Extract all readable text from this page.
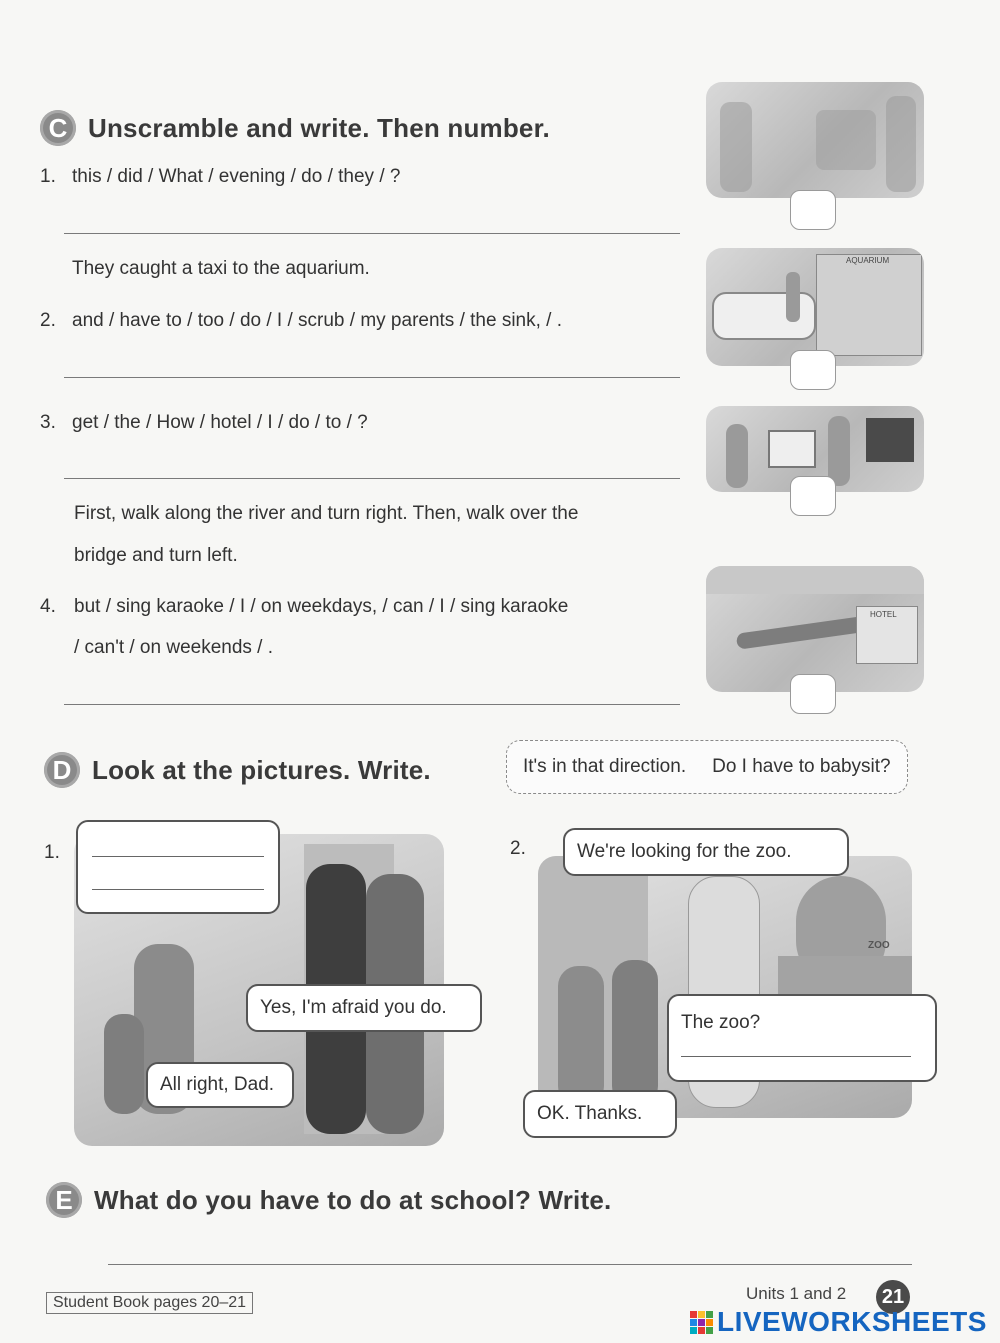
C Unscramble and write. Then number.
1. this / did / What / evening / do / they / ?
They caught a taxi to the aquarium.
2. and / have to / too / do / I / scrub / my parents / the sink, / .
3. get / the / How / hotel / I / do / to / ?
First, walk along the river and turn right. Then, walk over the
bridge and turn left.
4. but / sing karaoke / I / on weekdays, / can / I / sing karaoke
/ can't / on weekends / .
AQUARIUM
HOTEL
D Look at the pictures. Write.	It's in that direction. Do I have to babysit?
1.
Yes, I'm afraid you do.
All right, Dad.
2.
ZOO
We're looking for the zoo.
The zoo?
OK. Thanks.
E What do you have to do at school? Write.
Student Book pages 20–21	Units 1 and 2 21
LIVEWORKSHEETS
